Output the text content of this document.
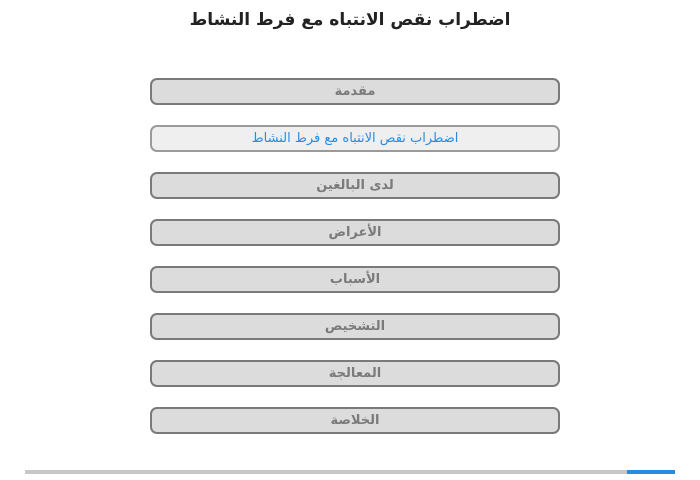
اضطراب نقص الانتباه مع فرط النشاط
مقدمة
اضطراب نقص الانتباه مع فرط النشاط
لدى البالغين
الأعراض
الأسباب
التشخيص
المعالجة
الخلاصة
